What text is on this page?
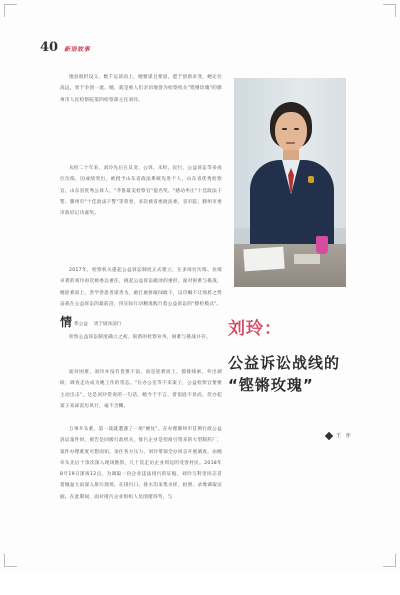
40 新语故事

地县很折设义，数千运读而上，她要谋且要思，愿于创新求变，她定位高远，勇于争创一流。她，就是被人们亲切地誉为检察机关"铿锵玫瑰"的滕州市人民检察院第四检察部主任刘玲。

从检二十年来，刘玲先后在反贪、公诉、未检、民行、公益诉讼等多岗位历练，因成绩突出，被授予山东省政法系统先进个人、山东省优秀检察官、山东省优秀公诉人、"齐鲁最美检察官"提名奖、"感动枣庄"十佳政法干警、滕州市"十佳政法干警"等荣誉，多次被省委政法委、省市院、滕州市委市政府记功嘉奖。

2017年，检察机关提起公益诉讼制度正式建立，在多岗位历练、业绩卓著的刘玲再次被委以重任，挑起公益诉讼破冰的重担。面对困难与挑战，她迎难而上，善学善思善谋善为，敢打敢拼敢闯敢干，以巾帼不让须眉之势奋战在公益诉讼的最前沿，用实际行动精准践行着公益诉讼的"滕检模式"。

情 系公益 勇于破冰前行

检察公益诉讼制度确立之初，崭新的检察业务，困难与挑战并存。

面对困难，刘玲并没有畏惧不前，而是迎难而上，摸排线索、外出调研，调查走访成为她工作的常态。"在办公室等不来案子，公益检察官要要主动出击"，这是刘玲常说的一句话。她今于不言，着似庭不显而，但办起案子来却雷厉风行，毫不含糊。

万事开头难，第一战就遭遇了一场"硬仗"。在办理滕州市首例行政公益诉讼案件时，被告是同级行政机关，排污企业是招商引资来的大型制药厂，案件办理难度可想而知。顶住各方压力，刘玲带领全办同志开展调查，由她牵头先后十余次深入现场勘察，几十次走访企业周边的受害村民。2018年8月19日深夜12点，为调取一份企业违法排污的证据，刘玲与科里同志冒着倾盆大雨深入排污现场，在排污口、排水沟采集水样，拍照、录像调取证据。在此期间，面对排污企业组织人员围堵辱骂，与

刘玲：
公益诉讼战线的
“铿锵玫瑰”
王 亦
